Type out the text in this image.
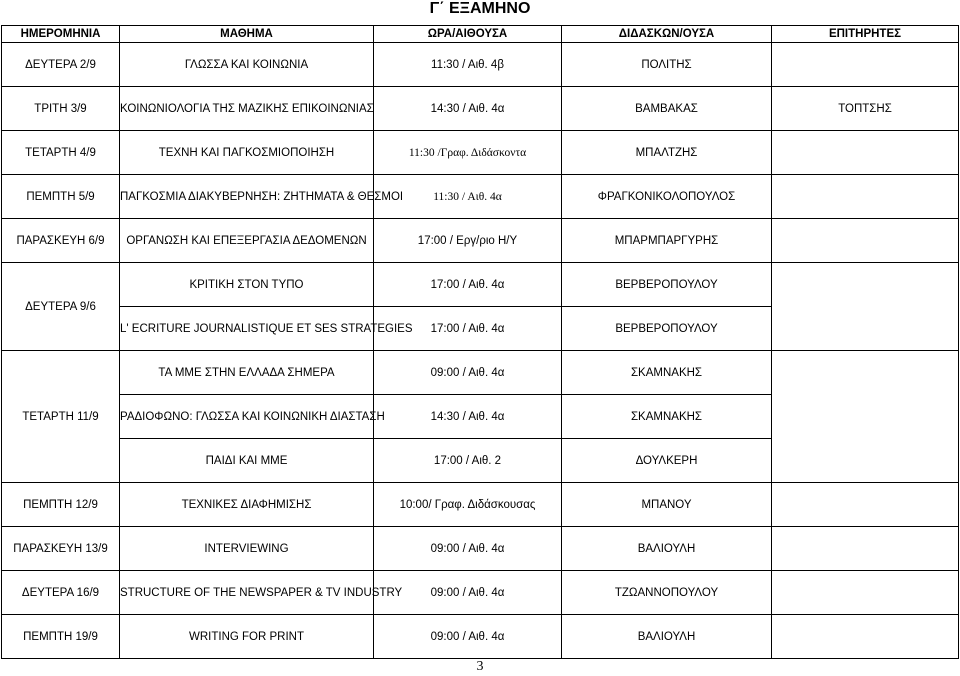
Γ΄ ΕΞΑΜΗΝΟ
ΗΜΕΡΟΜΗΝΙΑ	ΜΑΘΗΜΑ	ΩΡΑ/ΑΙΘΟΥΣΑ	ΔΙΔΑΣΚΩΝ/ΟΥΣΑ	ΕΠΙΤΗΡΗΤΕΣ
ΔΕΥΤΕΡΑ 2/9	ΓΛΩΣΣΑ ΚΑΙ ΚΟΙΝΩΝΙΑ	11:30 / Αιθ. 4β	ΠΟΛΙΤΗΣ	
ΤΡΙΤΗ 3/9	ΚΟΙΝΩΝΙΟΛΟΓΙΑ ΤΗΣ ΜΑΖΙΚΗΣ ΕΠΙΚΟΙΝΩΝΙΑΣ	14:30 / Αιθ. 4α	ΒΑΜΒΑΚΑΣ	ΤΟΠΤΣΗΣ
ΤΕΤΑΡΤΗ 4/9	ΤΕΧΝΗ ΚΑΙ ΠΑΓΚΟΣΜΙΟΠΟΙΗΣΗ	11:30 /Γραφ. Διδάσκοντα	ΜΠΑΛΤΖΗΣ	
ΠΕΜΠΤΗ 5/9	ΠΑΓΚΟΣΜΙΑ ΔΙΑΚΥΒΕΡΝΗΣΗ: ΖΗΤΗΜΑΤΑ & ΘΕΣΜΟΙ	11:30 / Αιθ. 4α	ΦΡΑΓΚΟΝΙΚΟΛΟΠΟΥΛΟΣ	
ΠΑΡΑΣΚΕΥΗ 6/9	ΟΡΓΑΝΩΣΗ ΚΑΙ ΕΠΕΞΕΡΓΑΣΙΑ ΔΕΔΟΜΕΝΩΝ	17:00 / Εργ/ριο Η/Υ	ΜΠΑΡΜΠΑΡΓΥΡΗΣ	
ΔΕΥΤΕΡΑ 9/6	ΚΡΙΤΙΚΗ ΣΤΟΝ ΤΥΠΟ	17:00 / Αιθ. 4α	ΒΕΡΒΕΡΟΠΟΥΛΟΥ	
	L' ECRITURE JOURNALISTIQUE ET SES STRATEGIES	17:00 / Αιθ. 4α	ΒΕΡΒΕΡΟΠΟΥΛΟΥ	
ΤΕΤΑΡΤΗ 11/9	ΤΑ ΜΜΕ ΣΤΗΝ ΕΛΛΑΔΑ ΣΗΜΕΡΑ	09:00 / Αιθ. 4α	ΣΚΑΜΝΑΚΗΣ	
	ΡΑΔΙΟΦΩΝΟ: ΓΛΩΣΣΑ ΚΑΙ ΚΟΙΝΩΝΙΚΗ ΔΙΑΣΤΑΣΗ	14:30 / Αιθ. 4α	ΣΚΑΜΝΑΚΗΣ	
	ΠΑΙΔΙ ΚΑΙ ΜΜΕ	17:00 / Αιθ. 2	ΔΟΥΛΚΕΡΗ	
ΠΕΜΠΤΗ 12/9	ΤΕΧΝΙΚΕΣ ΔΙΑΦΗΜΙΣΗΣ	10:00/ Γραφ. Διδάσκουσας	ΜΠΑΝΟΥ	
ΠΑΡΑΣΚΕΥΗ 13/9	INTERVIEWING	09:00 / Αιθ. 4α	ΒΑΛΙΟΥΛΗ	
ΔΕΥΤΕΡΑ 16/9	STRUCTURE OF THE NEWSPAPER & TV INDUSTRY	09:00 / Αιθ. 4α	ΤΖΩΑΝΝΟΠΟΥΛΟΥ	
ΠΕΜΠΤΗ 19/9	WRITING FOR PRINT	09:00 / Αιθ. 4α	ΒΑΛΙΟΥΛΗ	
3
